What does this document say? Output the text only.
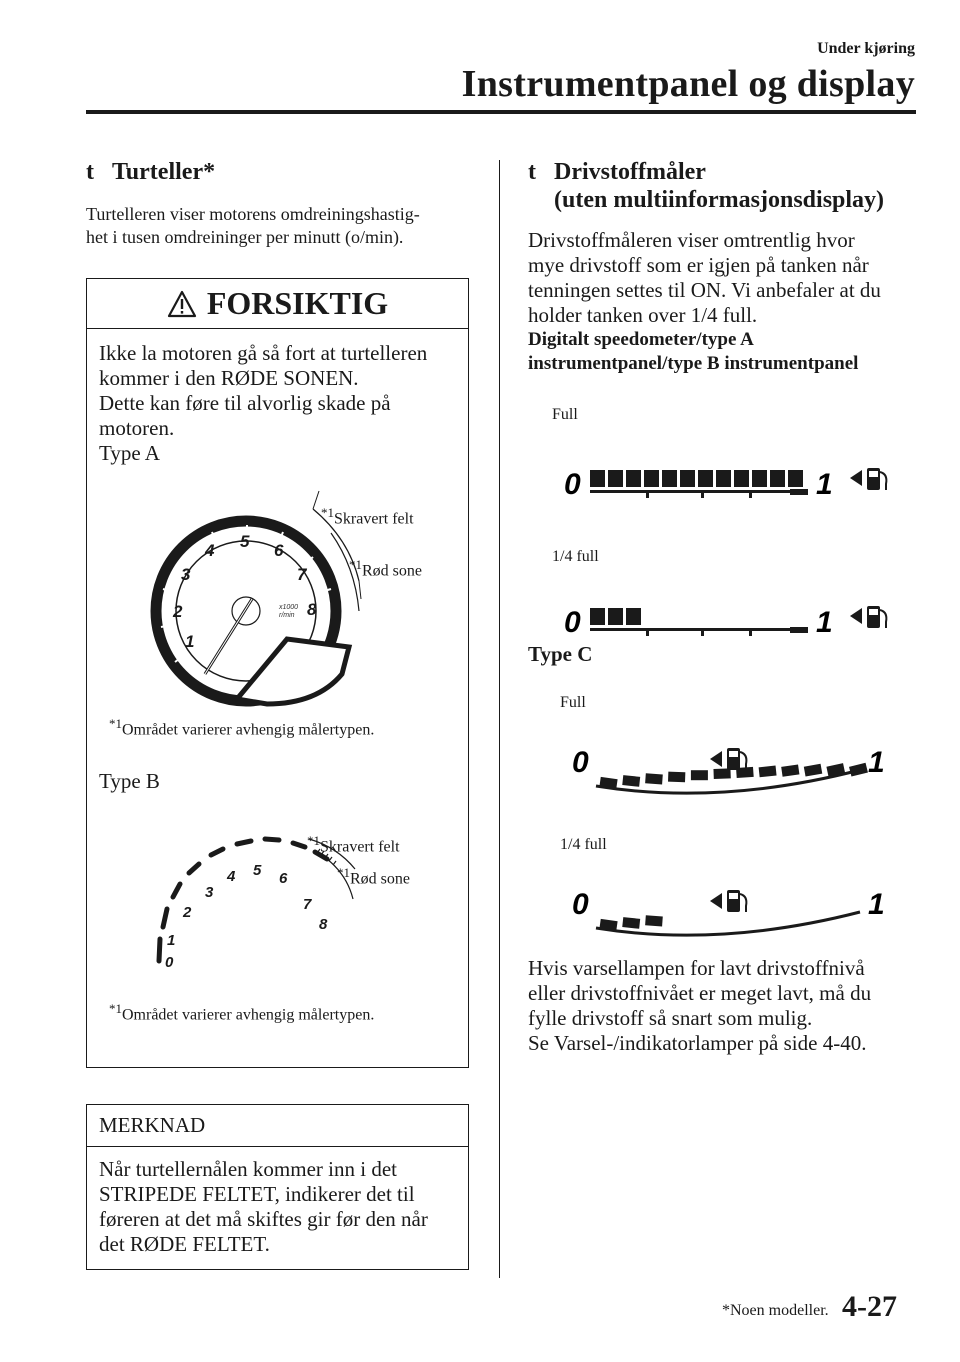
Under kjøring
Instrumentpanel og display
t Turteller*
Turtelleren viser motorens omdreiningshastig-
het i tusen omdreininger per minutt (o/min).
FORSIKTIG
Ikke la motoren gå så fort at turtelleren
kommer i den RØDE SONEN.
Dette kan føre til alvorlig skade på
motoren.
Type A
x1000
r/min
1
2
3
4 5 6
7
8
$^{*1}$Skravert felt
$^{*1}$Rød sone
$^{*1}$Området varierer avhengig målertypen.
Type B
0
1
2
3
4 5 6
7
8
$^{*1}$Skravert felt
$^{*1}$Rød sone
$^{*1}$Området varierer avhengig målertypen.
MERKNAD
Når turtellernålen kommer inn i det
STRIPEDE FELTET, indikerer det til
føreren at det må skiftes gir før den når
det RØDE FELTET.
t Drivstoffmåler
(uten multiinformasjonsdisplay)
Drivstoffmåleren viser omtrentlig hvor
mye drivstoff som er igjen på tanken når
tenningen settes til ON. Vi anbefaler at du
holder tanken over 1/4 full.
Digitalt speedometer/type A
instrumentpanel/type B instrumentpanel
Full
0	1
1/4 full
0	1
Type C
Full
0	1
1/4 full
0	1
Hvis varsellampen for lavt drivstoffnivå
eller drivstoffnivået er meget lavt, må du
fylle drivstoff så snart som mulig.
Se Varsel-/indikatorlamper på side 4-40.
*Noen modeller. 4-27
